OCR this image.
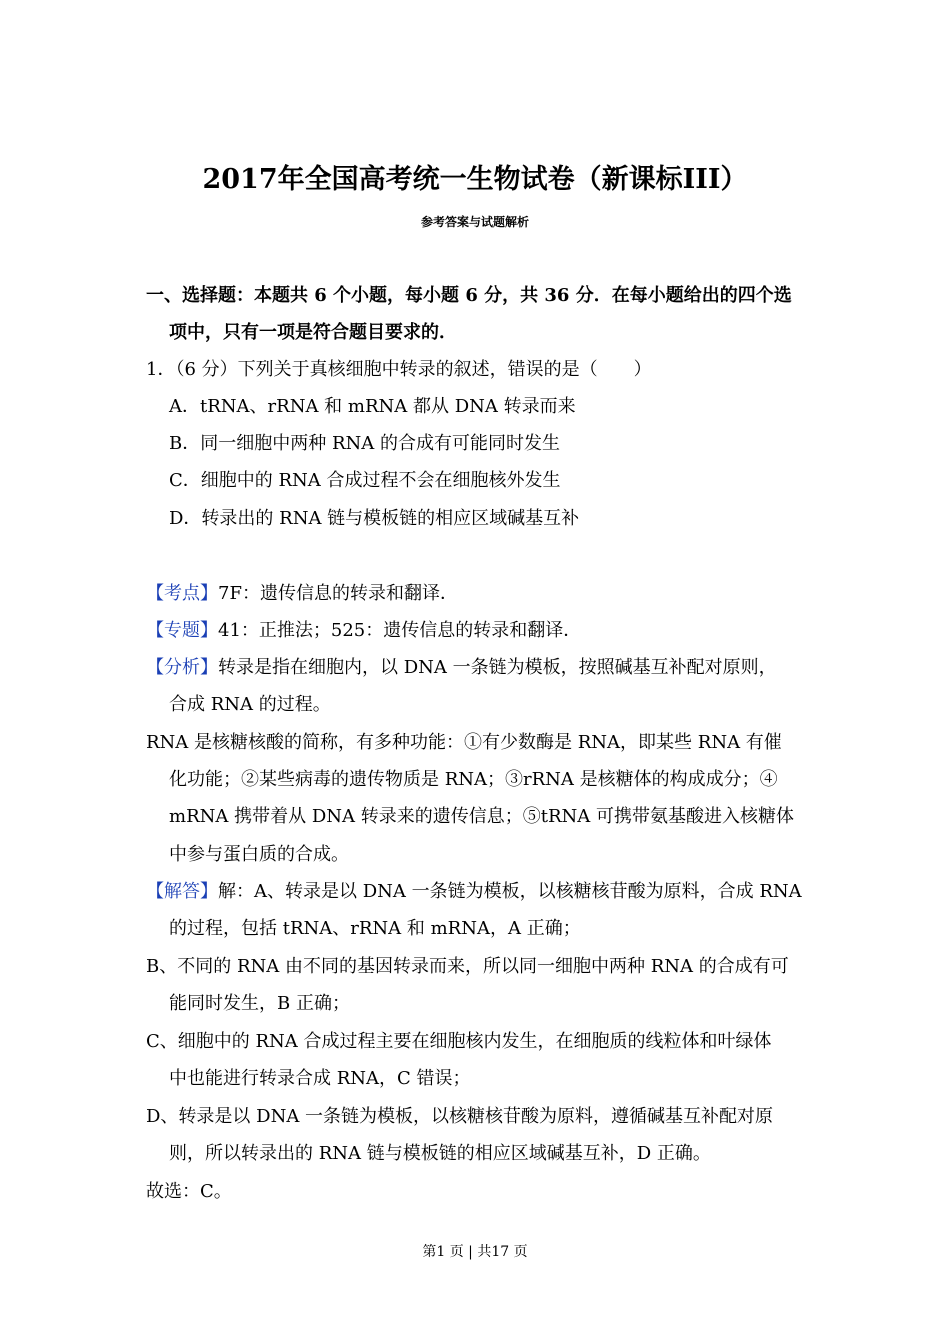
2017年全国高考统一生物试卷（新课标III）
参考答案与试题解析
一、选择题：本题共 6 个小题，每小题 6 分，共 36 分．在每小题给出的四个选
项中，只有一项是符合题目要求的．
1．（6 分）下列关于真核细胞中转录的叙述，错误的是（　　）
A．tRNA、rRNA 和 mRNA 都从 DNA 转录而来
B．同一细胞中两种 RNA 的合成有可能同时发生
C．细胞中的 RNA 合成过程不会在细胞核外发生
D．转录出的 RNA 链与模板链的相应区域碱基互补
【考点】7F：遗传信息的转录和翻译．
【专题】41：正推法；525：遗传信息的转录和翻译．
【分析】转录是指在细胞内，以 DNA 一条链为模板，按照碱基互补配对原则，
合成 RNA 的过程。
RNA 是核糖核酸的简称，有多种功能：①有少数酶是 RNA，即某些 RNA 有催
化功能；②某些病毒的遗传物质是 RNA；③rRNA 是核糖体的构成成分；④
mRNA 携带着从 DNA 转录来的遗传信息；⑤tRNA 可携带氨基酸进入核糖体
中参与蛋白质的合成。
【解答】解：A、转录是以 DNA 一条链为模板，以核糖核苷酸为原料，合成 RNA
的过程，包括 tRNA、rRNA 和 mRNA，A 正确；
B、不同的 RNA 由不同的基因转录而来，所以同一细胞中两种 RNA 的合成有可
能同时发生，B 正确；
C、细胞中的 RNA 合成过程主要在细胞核内发生，在细胞质的线粒体和叶绿体
中也能进行转录合成 RNA，C 错误；
D、转录是以 DNA 一条链为模板，以核糖核苷酸为原料，遵循碱基互补配对原
则，所以转录出的 RNA 链与模板链的相应区域碱基互补，D 正确。
故选：C。
第1 页 | 共17 页
